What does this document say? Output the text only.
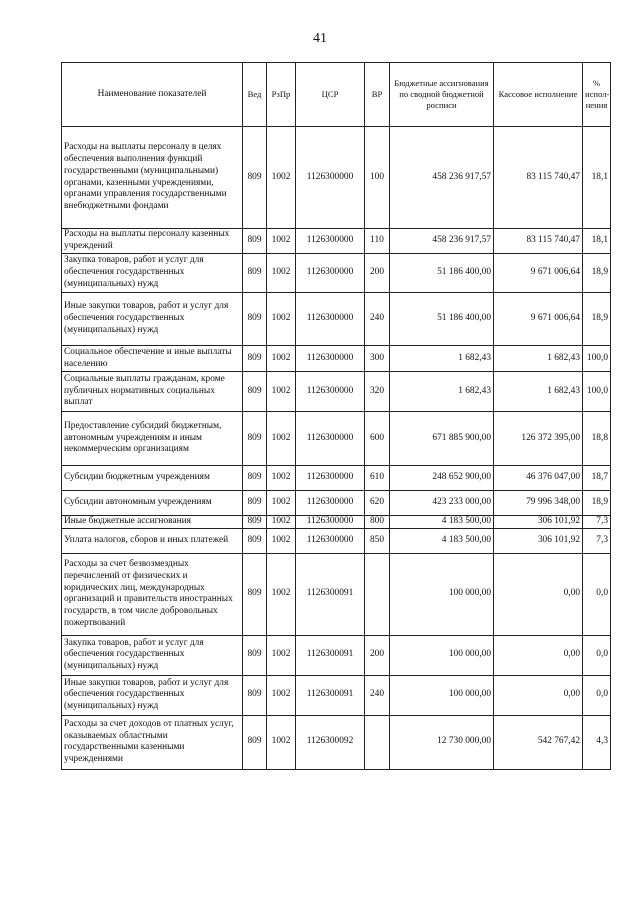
41
Наименование показателей	Вед	РзПр	ЦСР	ВР	Бюджетные ассигнования по сводной бюджетной росписи	Кассовое исполнение	% испол-нения
Расходы на выплаты персоналу в целях обеспечения выполнения функций государственными (муниципальными) органами, казенными учреждениями, органами управления государственными внебюджетными фондами	809	1002	1126300000	100	458 236 917,57	83 115 740,47	18,1
Расходы на выплаты персоналу казенных учреждений	809	1002	1126300000	110	458 236 917,57	83 115 740,47	18,1
Закупка товаров, работ и услуг для обеспечения государственных (муниципальных) нужд	809	1002	1126300000	200	51 186 400,00	9 671 006,64	18,9
Иные закупки товаров, работ и услуг для обеспечения государственных (муниципальных) нужд	809	1002	1126300000	240	51 186 400,00	9 671 006,64	18,9
Социальное обеспечение и иные выплаты населению	809	1002	1126300000	300	1 682,43	1 682,43	100,0
Социальные выплаты гражданам, кроме публичных нормативных социальных выплат	809	1002	1126300000	320	1 682,43	1 682,43	100,0
Предоставление субсидий бюджетным, автономным учреждениям и иным некоммерческим организациям	809	1002	1126300000	600	671 885 900,00	126 372 395,00	18,8
Субсидии бюджетным учреждениям	809	1002	1126300000	610	248 652 900,00	46 376 047,00	18,7
Субсидии автономным учреждениям	809	1002	1126300000	620	423 233 000,00	79 996 348,00	18,9
Иные бюджетные ассигнования	809	1002	1126300000	800	4 183 500,00	306 101,92	7,3
Уплата налогов, сборов и иных платежей	809	1002	1126300000	850	4 183 500,00	306 101,92	7,3
Расходы за счет безвозмездных перечислений от физических и юридических лиц, международных организаций и правительств иностранных государств, в том числе добровольных пожертвований	809	1002	1126300091		100 000,00	0,00	0,0
Закупка товаров, работ и услуг для обеспечения государственных (муниципальных) нужд	809	1002	1126300091	200	100 000,00	0,00	0,0
Иные закупки товаров, работ и услуг для обеспечения государственных (муниципальных) нужд	809	1002	1126300091	240	100 000,00	0,00	0,0
Расходы за счет доходов от платных услуг, оказываемых областными государственными казенными учреждениями	809	1002	1126300092		12 730 000,00	542 767,42	4,3
